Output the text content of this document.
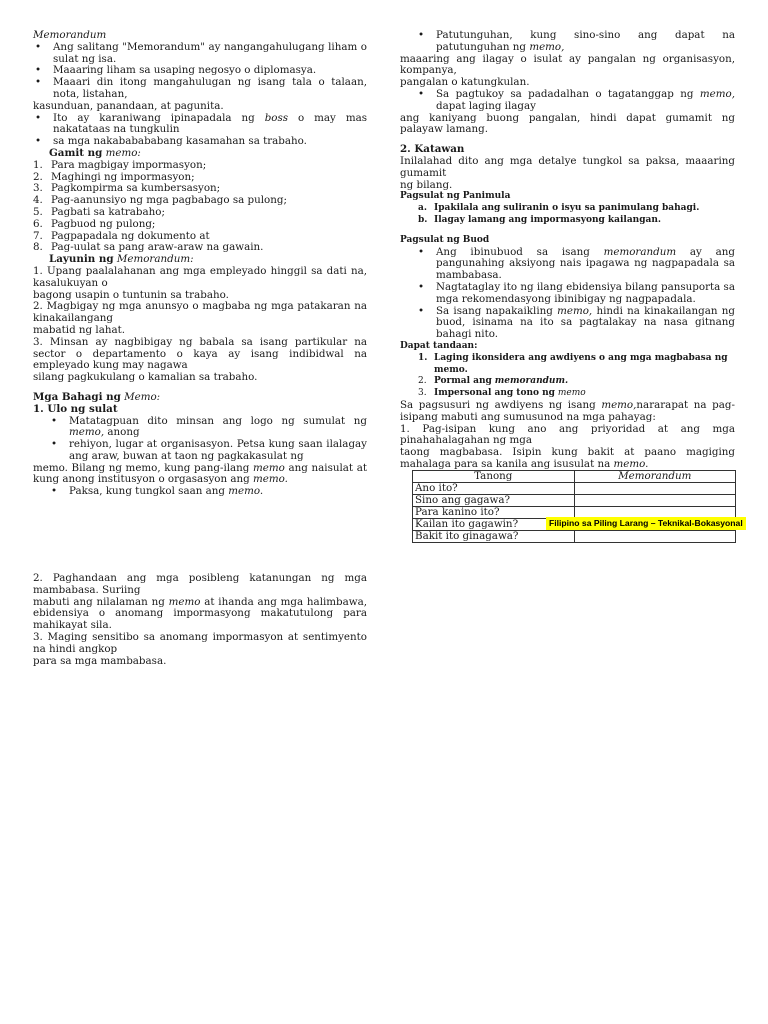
Memorandum

• Ang salitang "Memorandum" ay nangangahulugang liham o sulat ng isa.
• Maaaring liham sa usaping negosyo o diplomasya.
• Maaari din itong mangahulugan ng isang tala o talaan, nota, listahan,

kasunduan, panandaan, at pagunita.

• Ito ay karaniwang ipinapadala ng boss o may mas nakatataas na tungkulin
• sa mga nakababababang kasamahan sa trabaho.

Gamit ng memo:

1. Para magbigay impormasyon;
2. Maghingi ng impormasyon;
3. Pagkompirma sa kumbersasyon;
4. Pag-aanunsiyo ng mga pagbabago sa pulong;
5. Pagbati sa katrabaho;
6. Pagbuod ng pulong;
7. Pagpapadala ng dokumento at
8. Pag-uulat sa pang araw-araw na gawain.

Layunin ng Memorandum:

1. Upang paalalahanan ang mga empleyado hinggil sa dati na, kasalukuyan o

bagong usapin o tuntunin sa trabaho.

2. Magbigay ng mga anunsyo o magbaba ng mga patakaran na kinakailangang

mabatid ng lahat.

3. Minsan ay nagbibigay ng babala sa isang partikular na sector o departamento o kaya ay isang indibidwal na empleyado kung may nagawa

silang pagkukulang o kamalian sa trabaho.

Mga Bahagi ng Memo:

1. Ulo ng sulat

• Matatagpuan dito minsan ang logo ng sumulat ng memo, anong
• rehiyon, lugar at organisasyon. Petsa kung saan ilalagay ang araw, buwan at taon ng pagkakasulat ng

memo. Bilang ng memo, kung pang-ilang memo ang naisulat at kung anong institusyon o orgasasyon ang memo.

• Paksa, kung tungkol saan ang memo.

2. Paghandaan ang mga posibleng katanungan ng mga mambabasa. Suriing

mabuti ang nilalaman ng memo at ihanda ang mga halimbawa, ebidensiya o anomang impormasyong makatutulong para mahikayat sila.

3. Maging sensitibo sa anomang impormasyon at sentimyento na hindi angkop

para sa mga mambabasa.

• Patutunguhan, kung sino-sino ang dapat na patutunguhan ng memo,

maaaring ang ilagay o isulat ay pangalan ng organisasyon, kompanya,

pangalan o katungkulan.

• Sa pagtukoy sa padadalhan o tagatanggap ng memo, dapat laging ilagay

ang kaniyang buong pangalan, hindi dapat gumamit ng palayaw lamang.

2. Katawan

Inilalahad dito ang mga detalye tungkol sa paksa, maaaring gumamit

ng bilang.

Pagsulat ng Panimula

a. Ipakilala ang suliranin o isyu sa panimulang bahagi.
b. Ilagay lamang ang impormasyong kailangan.

Pagsulat ng Buod

• Ang ibinubuod sa isang memorandum ay ang pangunahing aksiyong nais ipagawa ng nagpapadala sa mambabasa.
• Nagtataglay ito ng ilang ebidensiya bilang pansuporta sa mga rekomendasyong ibinibigay ng nagpapadala.
• Sa isang napakaikling memo, hindi na kinakailangan ng buod, isinama na ito sa pagtalakay na nasa gitnang bahagi nito.

Dapat tandaan:

1. Laging ikonsidera ang awdiyens o ang mga magbabasa ng memo.
2. Pormal ang memorandum.
3. Impersonal ang tono ng memo

Sa pagsusuri ng awdiyens ng isang memo,nararapat na pag-isipang mabuti ang sumusunod na mga pahayag:

1. Pag-isipan kung ano ang priyoridad at ang mga pinahahalagahan ng mga

taong magbabasa. Isipin kung bakit at paano magiging mahalaga para sa kanila ang isusulat na memo.

Tanong	Memorandum
Ano ito?	
Sino ang gagawa?	
Para kanino ito?	
Kailan ito gagawin?	
Bakit ito ginagawa?	
Filipino sa Piling Larang – Teknikal-Bokasyonal
